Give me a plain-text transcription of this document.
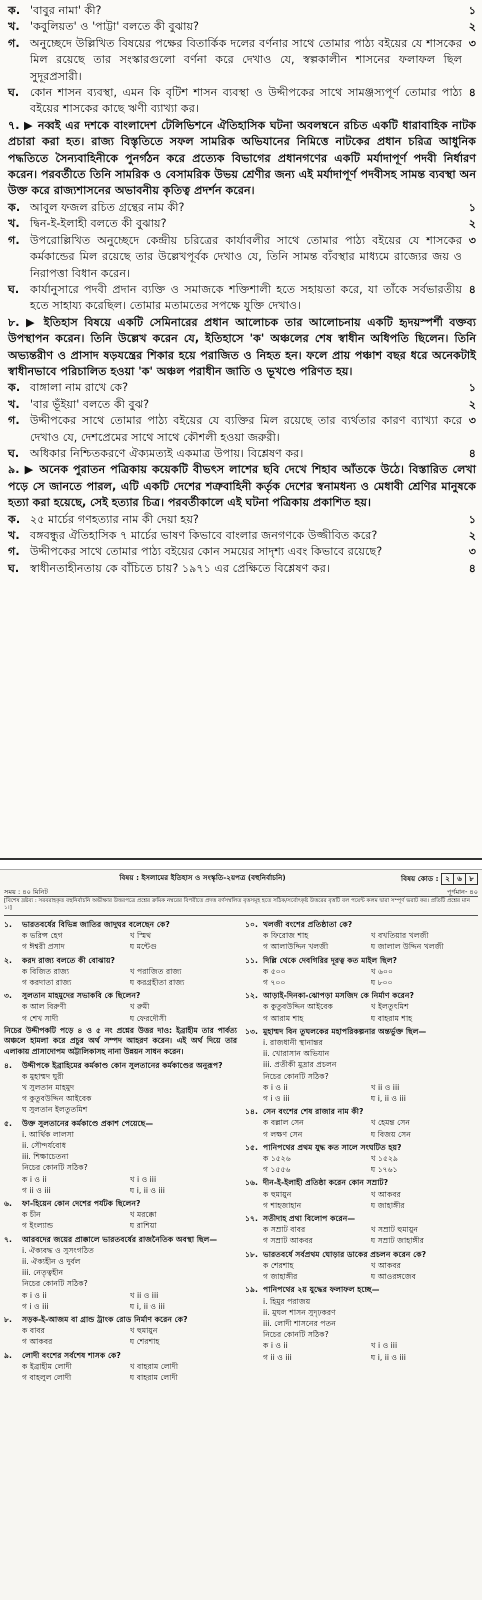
ক. 'বাবুর নামা' কী?	১
খ. 'কবুলিয়ত' ও 'পাট্টা' বলতে কী বুঝায়?	২
গ. অনুচ্ছেদে উল্লিখিত বিষয়ের পক্ষের বিতার্কিক দলের বর্ণনার সাথে তোমার পাঠ্য বইয়ের যে শাসকের মিল রয়েছে তার সংস্কারগুলো বর্ণনা করে দেখাও যে, স্বল্পকালীন শাসনের ফলাফল ছিল সুদূরপ্রসারী।
৩
ঘ. কোন শাসন ব্যবস্থা, এমন কি বৃটিশ শাসন ব্যবস্থা ও উদ্দীপকের সাথে সামঞ্জস্যপূর্ণ তোমার পাঠ্য বইয়ের শাসকের কাছে ঋণী ব্যাখ্যা কর।
৪
৭. ▶ নব্বই এর দশকে বাংলাদেশ টেলিভিশনে ঐতিহাসিক ঘটনা অবলম্বনে রচিত একটি ধারাবাহিক নাটক প্রচারা করা হত। রাজ্য বিস্তৃতিতে সফল সামরিক অভিযানের নিমিত্তে নাটকের প্রধান চরিত্র আধুনিক পদ্ধতিতে সৈন্যবাহিনীকে পুনর্গঠন করে প্রত্যেক বিভাগের প্রধানগণের একটি মর্যাদাপূর্ণ পদবী নির্ধারণ করেন। পরবর্তীতে তিনি সামরিক ও বেসামরিক উভয় শ্রেণীর জন্য এই মর্যাদাপূর্ণ পদবীসহ সামন্ত ব্যবস্থা অন উক্ত করে রাজ্যশাসনের অভাবনীয় কৃতিত্ব প্রদর্শন করেন।
ক. আবুল ফজল রচিত গ্রন্থের নাম কী?	১
খ. দ্বিন-ই-ইলাহী বলতে কী বুঝায়?	২
গ. উপরোল্লিখিত অনুচ্ছেদে কেন্দ্রীয় চরিত্রের কার্যাবলীর সাথে তোমার পাঠ্য বইয়ের যে শাসকের কর্মকান্ডের মিল রয়েছে তার উল্লেখপূর্বক দেখাও যে, তিনি সামন্ত ব্যঁবস্থার মাধ্যমে রাজ্যের জয় ও নিরাপত্তা বিধান করেন।
৩
ঘ. কার্যানুসারে পদবী প্রদান ব্যক্তি ও সমাজকে শক্তিশালী হতে সহায়তা করে, যা তাঁকে সর্বভারতীয় হতে সাহায্য করেছিল। তোমার মতামতের সপক্ষে যুক্তি দেখাও।
৪
৮. ▶ ইতিহাস বিষয়ে একটি সেমিনারের প্রধান আলোচক তার আলোচনায় একটি হৃদয়স্পর্শী বক্তব্য উপস্থাপন করেন। তিনি উল্লেখ করেন যে, ইতিহাসে 'ক' অঞ্চলের শেষ স্বাধীন অধিপতি ছিলেন। তিনি অভ্যন্তরীণ ও প্রাসাদ ষড়যন্ত্রের শিকার হয়ে পরাজিত ও নিহত হন। ফলে প্রায় পঞ্চাশ বছর ধরে অনেকটাই স্বাধীনভাবে পরিচালিত হওয়া 'ক' অঞ্চল পরাধীন জাতি ও ভূখণ্ডে পরিণত হয়।
ক. বাঙ্গালা নাম রাখে কে?	১
খ. 'বার ভূঁইয়া' বলতে কী বুঝ?	২
গ. উদ্দীপকের সাথে তোমার পাঠ্য বইয়ের যে ব্যক্তির মিল রয়েছে তার ব্যর্থতার কারণ ব্যাখ্যা করে দেখাও যে, দেশপ্রেমের সাথে সাথে কৌশলী হওয়া জরুরী।
৩
ঘ. অধিকার নিশ্চিতকরণে ঐক্যমত্যই একমাত্র উপায়। বিশ্লেষণ কর।	৪
৯. ▶ অনেক পুরাতন পত্রিকায় কয়েকটি বীভৎস লাশের ছবি দেখে শিহাব আঁতকে উঠে। বিস্তারিত লেখা পড়ে সে জানতে পারল, এটি একটি দেশের শত্রুবাহিনী কর্তৃক দেশের স্বনামধন্য ও মেধাবী শ্রেণির মানুষকে হত্যা করা হয়েছে, সেই হত্যার চিত্র। পরবর্তীকালে এই ঘটনা পত্রিকায় প্রকাশিত হয়।
ক. ২৫ মার্চের গণহত্যার নাম কী দেয়া হয়?	১
খ. বঙ্গবন্ধুর ঐতিহাসিক ৭ মার্চের ভাষণ কিভাবে বাংলার জনগণকে উজ্জীবিত করে?	২
গ. উদ্দীপকের সাথে তোমার পাঠ্য বইয়ের কোন সময়ের সাদৃশ্য এবং কিভাবে রয়েছে?	৩
ঘ. স্বাধীনতাহীনতায় কে বাঁচিতে চায়? ১৯৭১ এর প্রেক্ষিতে বিশ্লেষণ কর।	৪
বিষয় : ইসলামের ইতিহাস ও সংস্কৃতি-২য়পত্র (বহুনির্বাচনি)	বিষয় কোড : ২	৬	৮
সময় : ৪০ মিনিট	পূর্ণমান- ৪০
[বিশেষ দ্রষ্টব্য : সরবরাহকৃত বহুনির্বাচনি অভীক্ষার উত্তরপত্রে প্রশ্নের ক্রমিক নম্বরের বিপরীতে প্রদত্ত বর্ণসম্বলিত বৃত্তসমূহ হতে সঠিক/সর্বোৎকৃষ্ট উত্তরের বৃত্তটি বল পয়েন্ট কলম দ্বারা সম্পূর্ণ ভরাট কর। প্রতিটি প্রশ্নের মান ১।]
১.	ভারতবর্ষের বিভিন্ন জাতির জাদুঘর বলেছেন কে?
ক ভরিন্স হেগ	খ স্মিথ
গ ঈশ্বরী প্রসাদ	ঘ মন্টেগু
২.	করদ রাজ্য বলতে কী বোঝায়?
ক বিজিত রাজ্য	খ পরাজিত রাজ্য
গ করদাতা রাজ্য	ঘ করগ্রহীতা রাজ্য
৩.	সুলতান মাহমুদের সভাকবি কে ছিলেন?
ক আল বিরুণী	খ রুমী
গ শেখ সাদী	ঘ ফেরদৌসী
নিচের উদ্দীপকটি পড়ে ৪ ও ৫ নং প্রশ্নের উত্তর দাও: ইব্রাহীম তার পার্বত্য অঞ্চলে হামলা করে প্রচুর অর্থ সম্পদ আহরণ করেন। এই অর্থ দিয়ে তার এলাকায় প্রাসাদোপম অট্টালিকাসহ নানা উন্নয়ন সাধন করেন।
৪.	উদ্দীপকে ইব্রাহিমের কর্মকাণ্ড কোন সুলতানের কর্মকাণ্ডের অনুরূপ?
ক মুহাম্মদ ঘুরী
খ সুলতান মাহমুদ
গ কুতুবউদ্দিন আইবেক
ঘ সুলতান ইলতুতমিশ
৫.	উক্ত সুলতানের কর্মকাণ্ডে প্রকাশ পেয়েছে—
i. আর্থিক লালসা
ii. সৌন্দর্যবোধ
iii. শিক্ষাচেতনা
নিচের কোনটি সঠিক?
ক i ও ii	খ i ও iii
গ ii ও iii	ঘ i, ii ও iii
৬.	ফা-হিয়েন কোন দেশের পর্যটক ছিলেন?
ক চীন	খ মরক্কো
গ ইংল্যান্ড	ঘ রাশিয়া
৭.	আরবদের জয়ের প্রাক্কালে ভারতবর্ষের রাজনৈতিক অবস্থা ছিল—
i. ঐক্যবদ্ধ ও সুসংগঠিত
ii. ঐক্যহীন ও দুর্বল
iii. নেতৃত্বহীন
নিচের কোনটি সঠিক?
ক i ও ii	খ ii ও iii
গ i ও iii	ঘ i, ii ও iii
৮.	সড়ক-ই-আজম বা গ্রান্ড ট্রাংক রোড নির্মাণ করেন কে?
ক বাবর	খ হুমায়ুন
গ আকবর	ঘ শেরশাহ
৯.	লোদী বংশের সর্বশেষ শাসক কে?
ক ইব্রাহীম লোদী	খ বাহরাম লোদী
গ বাহলুল লোদী	ঘ বাহরাম লোদী
১০. খলজী বংশের প্রতিষ্ঠাতা কে?
ক ফিরোজ শাহ	খ বখতিয়ার খলজী
গ আলাউদ্দিন খলজী	ঘ জালাল উদ্দিন খলজী
১১. দিল্লি থেকে দেবগিরির দূরত্ব কত মাইল ছিল?
ক ৫০০	খ ৬০০
গ ৭০০	ঘ ৮০০
১২. আড়াই-দিনকা-ঝোপড়া মসজিদ কে নির্মাণ করেন?
ক কুতুবউদ্দিন আইবেক	খ ইলতুৎমিশ
গ আরাম শাহ	ঘ বাহরাম শাহ
১৩. মুহাম্মদ বিন তুঘলকের মহাপরিকল্পনার অন্তর্ভুক্ত ছিল—
i. রাজধানী স্থানান্তর
ii. খোরাসান অভিযান
iii. প্রতীকী মুদ্রার প্রচলন
নিচের কোনটি সঠিক?
ক i ও ii	খ ii ও iii
গ i ও iii	ঘ i, ii ও iii
১৪. সেন বংশের শেষ রাজার নাম কী?
ক বল্লাল সেন	খ হেমন্ত সেন
গ লক্ষণ সেন	ঘ বিজয় সেন
১৫. পানিপথের প্রথম যুদ্ধ কত সালে সংঘটিত হয়?
ক ১৫২৬	খ ১৫২৯
গ ১৫৫৬	ঘ ১৭৬১
১৬. দীন-ই-ইলাহী প্রতিষ্ঠা করেন কোন সম্রাট?
ক হুমায়ুন	খ আকবর
গ শাহজাহান	ঘ জাহাঙ্গীর
১৭. সতীদাহ প্রথা বিলোপ করেন—
ক সম্রাট বাবর	খ সম্রাট হুমায়ুন
গ সম্রাট আকবর	ঘ সম্রাট জাহাঙ্গীর
১৮. ভারতবর্ষে সর্বপ্রথম ঘোড়ার ডাকের প্রচলন করেন কে?
ক শেরশাহ	খ আকবর
গ জাহাঙ্গীর	ঘ আওরঙ্গজেব
১৯. পানিপথের ২য় যুদ্ধের ফলাফল হচ্ছে—
i. হিমুর পরাজয়
ii. মুঘল শাসন সুদৃঢ়করণ
iii. লোদী শাসনের পতন
নিচের কোনটি সঠিক?
ক i ও ii	খ i ও iii
গ ii ও iii	ঘ i, ii ও iii
